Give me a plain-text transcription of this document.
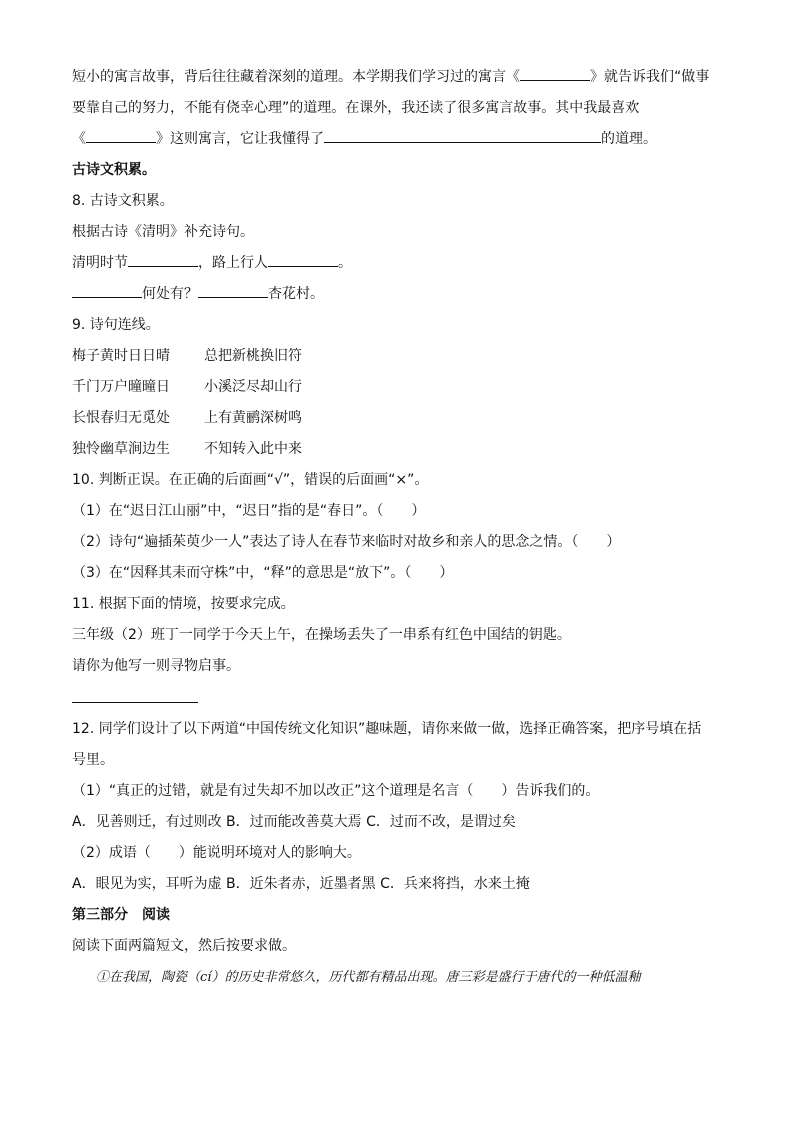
短小的寓言故事，背后往往藏着深刻的道理。本学期我们学习过的寓言《	》就告诉我们“做事
要靠自己的努力，不能有侥幸心理”的道理。在课外，我还读了很多寓言故事。其中我最喜欢
《	》这则寓言，它让我懂得了	的道理。
古诗文积累。
8. 古诗文积累。
根据古诗《清明》补充诗句。
清明时节	，路上行人	。
何处有？	杏花村。
9. 诗句连线。
梅子黄时日日晴 总把新桃换旧符
千门万户曈曈日 小溪泛尽却山行
长恨春归无觅处 上有黄鹂深树鸣
独怜幽草涧边生 不知转入此中来
10. 判断正误。在正确的后面画“√”，错误的后面画“×”。
（1）在“迟日江山丽”中，“迟日”指的是“春日”。（　　）
（2）诗句“遍插茱萸少一人”表达了诗人在春节来临时对故乡和亲人的思念之情。（　　）
（3）在“因释其耒而守株”中，“释”的意思是“放下”。（　　）
11. 根据下面的情境，按要求完成。
三年级（2）班丁一同学于今天上午，在操场丢失了一串系有红色中国结的钥匙。
请你为他写一则寻物启事。
12. 同学们设计了以下两道“中国传统文化知识”趣味题，请你来做一做，选择正确答案，把序号填在括
号里。
（1）“真正的过错，就是有过失却不加以改正”这个道理是名言（　　）告诉我们的。
A．见善则迁，有过则改 B．过而能改善莫大焉 C．过而不改，是谓过矣
（2）成语（　　）能说明环境对人的影响大。
A．眼见为实，耳听为虚 B．近朱者赤，近墨者黑 C．兵来将挡，水来土掩
第三部分　阅读
阅读下面两篇短文，然后按要求做。
①在我国，陶瓷（cí）的历史非常悠久，历代都有精品出现。唐三彩是盛行于唐代的一种低温釉
